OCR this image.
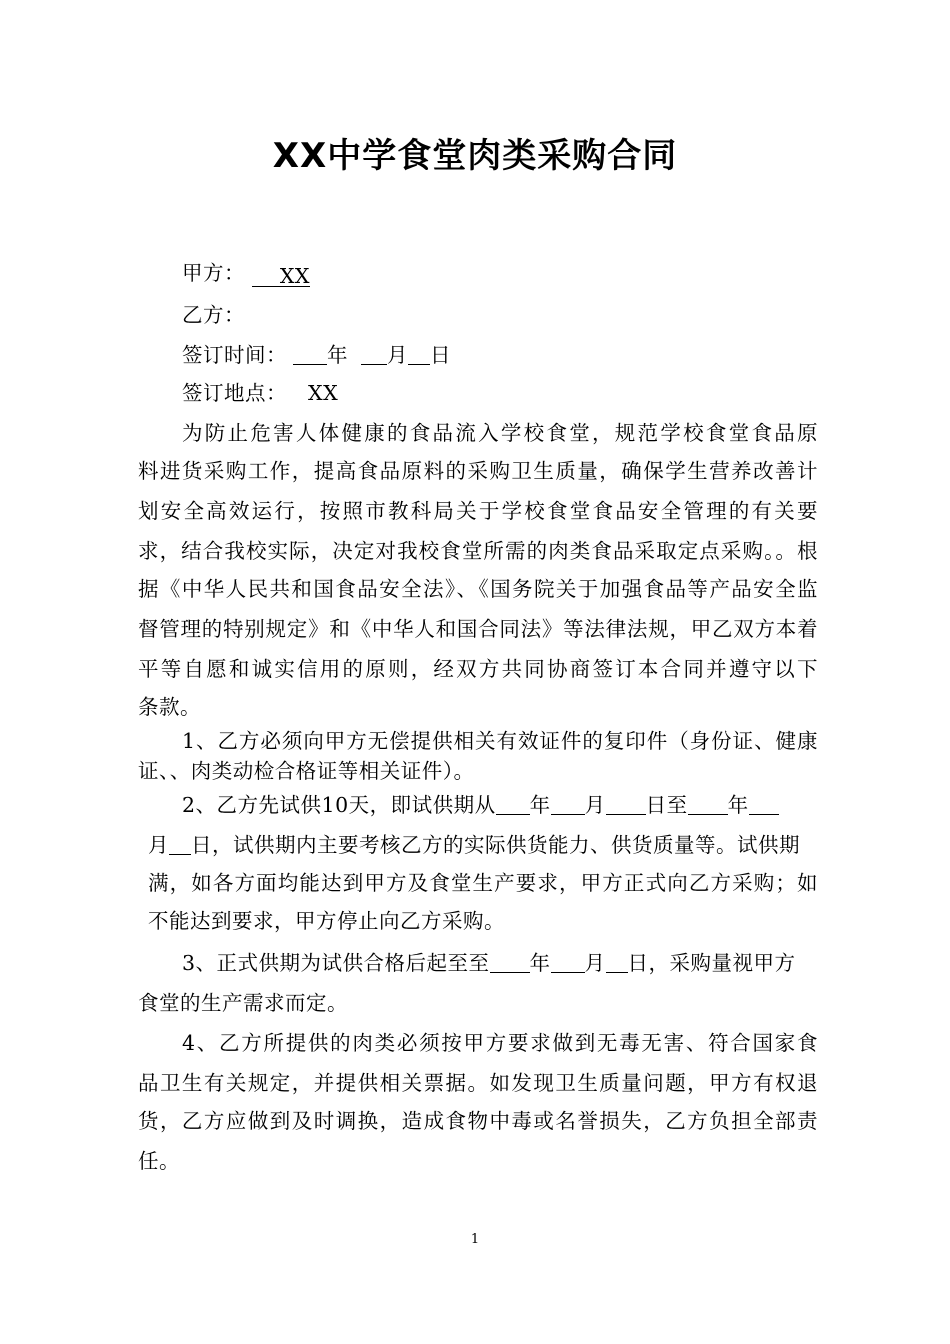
XX中学食堂肉类采购合同
甲方： XX
乙方：
签订时间： 年 月 日
签订地点： XX
为防止危害人体健康的食品流入学校食堂，规范学校食堂食品原
料进货采购工作，提高食品原料的采购卫生质量，确保学生营养改善计
划安全高效运行，按照市教科局关于学校食堂食品安全管理的有关要
求，结合我校实际，决定对我校食堂所需的肉类食品采取定点采购。。根
据《中华人民共和国食品安全法》、《国务院关于加强食品等产品安全监
督管理的特别规定》和《中华人和国合同法》等法律法规，甲乙双方本着
平等自愿和诚实信用的原则，经双方共同协商签订本合同并遵守以下
条款。
1、乙方必须向甲方无偿提供相关有效证件的复印件（身份证、健康
证、、肉类动检合格证等相关证件）。
2、乙方先试供10天，即试供期从 年 月 日至 年
月 日，试供期内主要考核乙方的实际供货能力、供货质量等。试供期
满，如各方面均能达到甲方及食堂生产要求，甲方正式向乙方采购；如
不能达到要求，甲方停止向乙方采购。
3、正式供期为试供合格后起至至 年 月 日，采购量视甲方
食堂的生产需求而定。
4、乙方所提供的肉类必须按甲方要求做到无毒无害、符合国家食
品卫生有关规定，并提供相关票据。如发现卫生质量问题，甲方有权退
货，乙方应做到及时调换，造成食物中毒或名誉损失，乙方负担全部责
任。
1
